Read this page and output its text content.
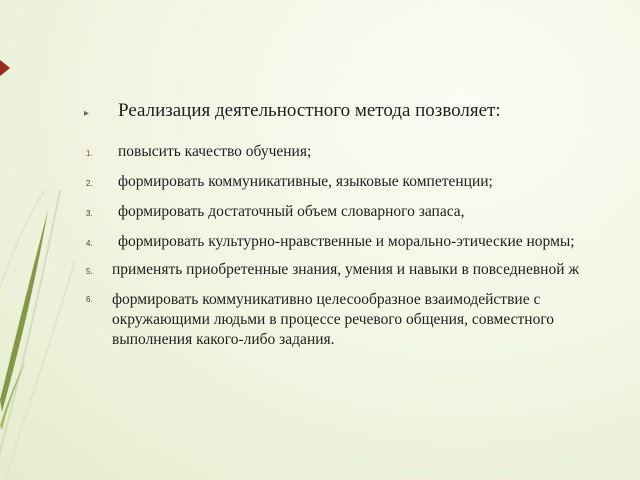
▸	Реализация деятельностного метода позволяет:
1.	повысить качество обучения;
2.	формировать коммуникативные, языковые компетенции;
3.	формировать достаточный объем словарного запаса,
4.	формировать культурно-нравственные и морально-этические нормы;
5.	применять приобретенные знания, умения и навыки в повседневной ж
6.	формировать коммуникативно целесообразное взаимодействие с окружающими людьми в процессе речевого общения, совместного выполнения какого-либо задания.
